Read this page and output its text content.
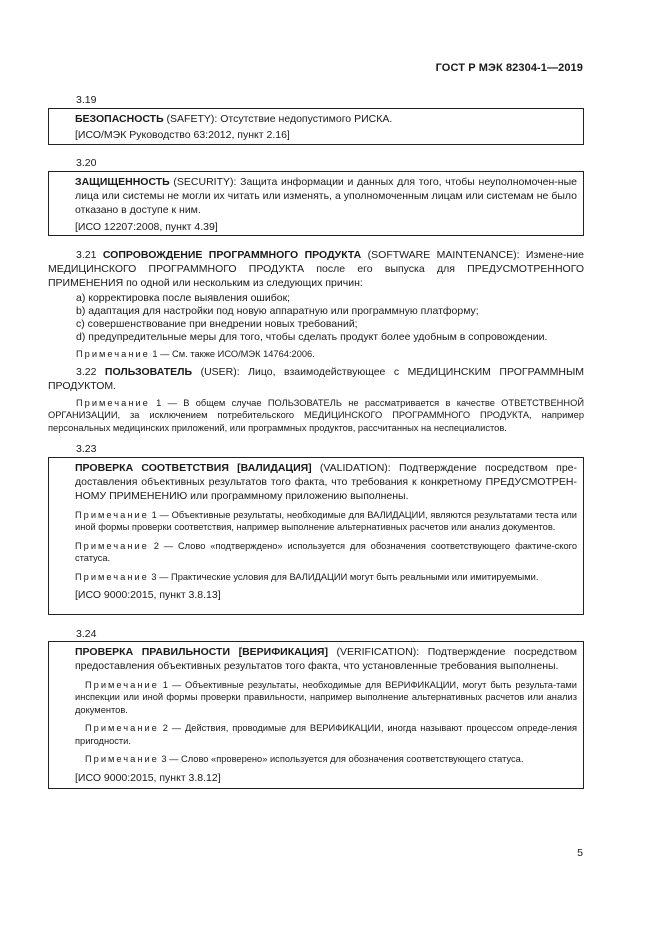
ГОСТ Р МЭК 82304-1—2019

3.19

БЕЗОПАСНОСТЬ (SAFETY): Отсутствие недопустимого РИСКА.

[ИСО/МЭК Руководство 63:2012, пункт 2.16]

3.20

ЗАЩИЩЕННОСТЬ (SECURITY): Защита информации и данных для того, чтобы неуполномочен-ные лица или системы не могли их читать или изменять, а уполномоченным лицам или системам не было отказано в доступе к ним.

[ИСО 12207:2008, пункт 4.39]

3.21 СОПРОВОЖДЕНИЕ ПРОГРАММНОГО ПРОДУКТА (SOFTWARE MAINTENANCE): Измене-ние МЕДИЦИНСКОГО ПРОГРАММНОГО ПРОДУКТА после его выпуска для ПРЕДУСМОТРЕННОГО ПРИМЕНЕНИЯ по одной или нескольким из следующих причин:

a) корректировка после выявления ошибок;

b) адаптация для настройки под новую аппаратную или программную платформу;

c) совершенствование при внедрении новых требований;

d) предупредительные меры для того, чтобы сделать продукт более удобным в сопровождении.

Примечание 1 — См. также ИСО/МЭК 14764:2006.

3.22 ПОЛЬЗОВАТЕЛЬ (USER): Лицо, взаимодействующее с МЕДИЦИНСКИМ ПРОГРАММНЫМ ПРОДУКТОМ.

Примечание 1 — В общем случае ПОЛЬЗОВАТЕЛЬ не рассматривается в качестве ОТВЕТСТВЕННОЙ ОРГАНИЗАЦИИ, за исключением потребительского МЕДИЦИНСКОГО ПРОГРАММНОГО ПРОДУКТА, например персональных медицинских приложений, или программных продуктов, рассчитанных на неспециалистов.

3.23

ПРОВЕРКА СООТВЕТСТВИЯ [ВАЛИДАЦИЯ] (VALIDATION): Подтверждение посредством пре-доставления объективных результатов того факта, что требования к конкретному ПРЕДУСМОТРЕН-НОМУ ПРИМЕНЕНИЮ или программному приложению выполнены.

Примечание 1 — Объективные результаты, необходимые для ВАЛИДАЦИИ, являются результатами теста или иной формы проверки соответствия, например выполнение альтернативных расчетов или анализ документов.

Примечание 2 — Слово «подтверждено» используется для обозначения соответствующего фактиче-ского статуса.

Примечание 3 — Практические условия для ВАЛИДАЦИИ могут быть реальными или имитируемыми.

[ИСО 9000:2015, пункт 3.8.13]

3.24

ПРОВЕРКА ПРАВИЛЬНОСТИ [ВЕРИФИКАЦИЯ] (VERIFICATION): Подтверждение посредством предоставления объективных результатов того факта, что установленные требования выполнены.

Примечание 1 — Объективные результаты, необходимые для ВЕРИФИКАЦИИ, могут быть результа-тами инспекции или иной формы проверки правильности, например выполнение альтернативных расчетов или анализ документов.

Примечание 2 — Действия, проводимые для ВЕРИФИКАЦИИ, иногда называют процессом опреде-ления пригодности.

Примечание 3 — Слово «проверено» используется для обозначения соответствующего статуса.

[ИСО 9000:2015, пункт 3.8.12]

5
